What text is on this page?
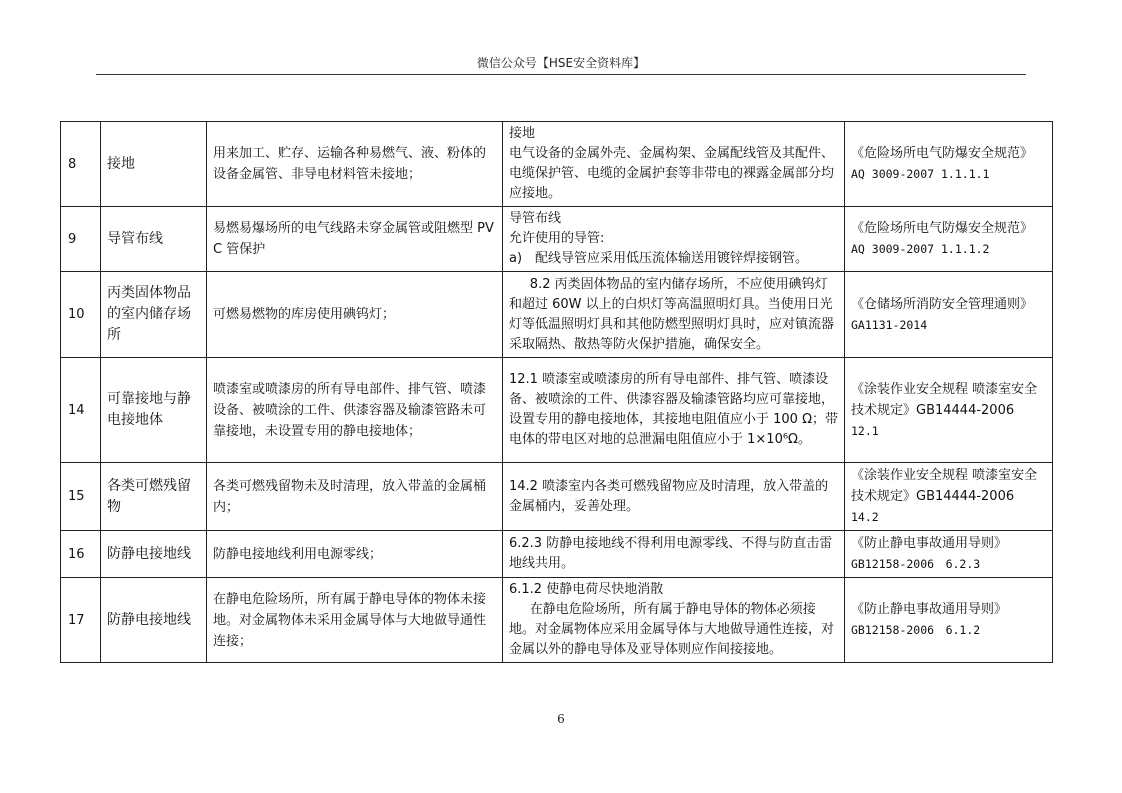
微信公众号【HSE安全资料库】
8	接地	用来加工、贮存、运输各种易燃气、液、粉体的设备金属管、非导电材料管未接地；	接地
电气设备的金属外壳、金属构架、金属配线管及其配件、电缆保护管、电缆的金属护套等非带电的裸露金属部分均应接地。	《危险场所电气防爆安全规范》
AQ 3009-2007 1.1.1.1

9	导管布线	易燃易爆场所的电气线路未穿金属管或阻燃型 PVC 管保护	导管布线
允许使用的导管:
a)　配线导管应采用低压流体输送用镀锌焊接钢管。	《危险场所电气防爆安全规范》
AQ 3009-2007 1.1.1.2

10	丙类固体物品的室内储存场所	可燃易燃物的库房使用碘钨灯；	8.2 丙类固体物品的室内储存场所，不应使用碘钨灯和超过 60W 以上的白炽灯等高温照明灯具。当使用日光灯等低温照明灯具和其他防燃型照明灯具时，应对镇流器采取隔热、散热等防火保护措施，确保安全。	《仓储场所消防安全管理通则》
GA1131-2014

14	可靠接地与静电接地体	喷漆室或喷漆房的所有导电部件、排气管、喷漆设备、被喷涂的工件、供漆容器及输漆管路未可靠接地，未设置专用的静电接地体；	12.1 喷漆室或喷漆房的所有导电部件、排气管、喷漆设备、被喷涂的工件、供漆容器及输漆管路均应可靠接地，设置专用的静电接地体，其接地电阻值应小于 100 Ω；带电体的带电区对地的总泄漏电阻值应小于 1×10⁶Ω。	《涂装作业安全规程 喷漆室安全技术规定》GB14444-2006
12.1

15	各类可燃残留物	各类可燃残留物未及时清理，放入带盖的金属桶内；	14.2 喷漆室内各类可燃残留物应及时清理，放入带盖的金属桶内，妥善处理。	《涂装作业安全规程 喷漆室安全技术规定》GB14444-2006
14.2

16	防静电接地线	防静电接地线利用电源零线；	6.2.3 防静电接地线不得利用电源零线、不得与防直击雷地线共用。	《防止静电事故通用导则》
GB12158-2006　6.2.3

17	防静电接地线	在静电危险场所，所有属于静电导体的物体未接地。对金属物体未采用金属导体与大地做导通性连接；	6.1.2 使静电荷尽快地消散
在静电危险场所，所有属于静电导体的物体必须接地。对金属物体应采用金属导体与大地做导通性连接，对金属以外的静电导体及亚导体则应作间接接地。	《防止静电事故通用导则》
GB12158-2006　6.1.2
6
